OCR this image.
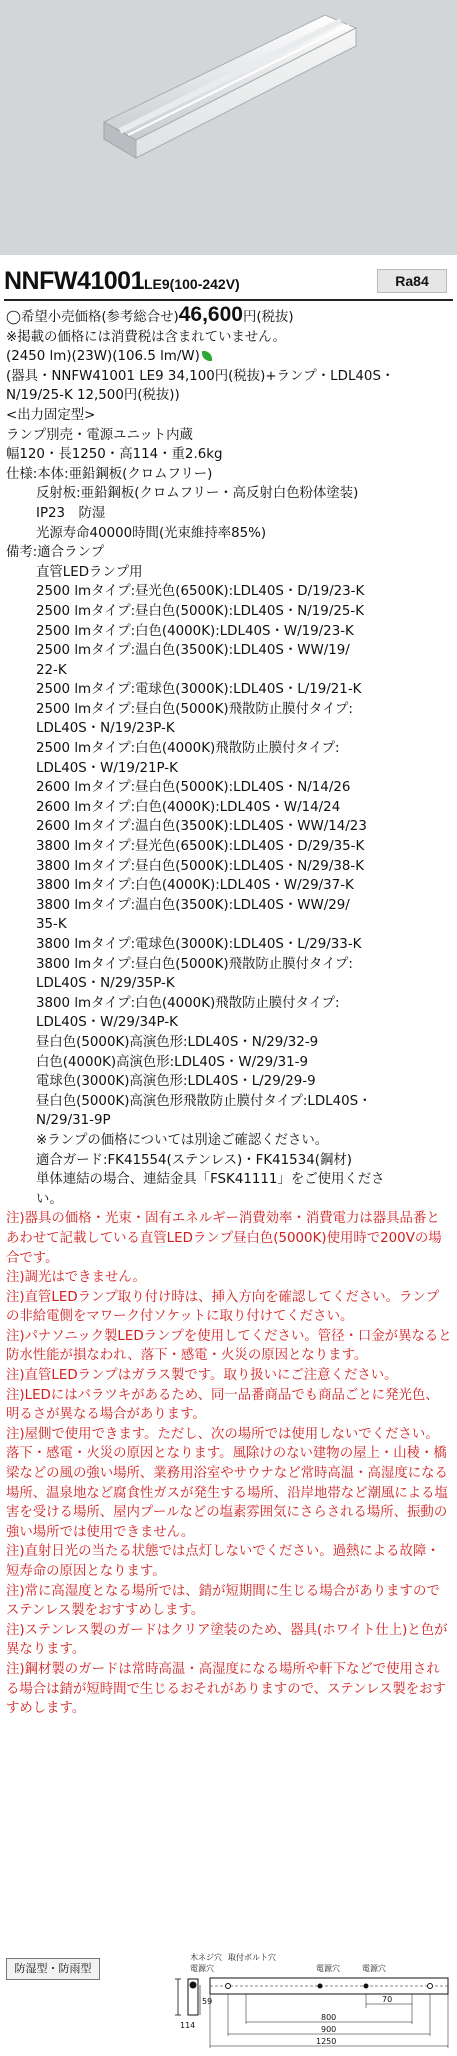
NNFW41001LE9(100-242V)	Ra84
◯希望小売価格(参考総合せ)46,600円(税抜)
※掲載の価格には消費税は含まれていません。
(2450 lm)(23W)(106.5 lm/W)
(器具・NNFW41001 LE9 34,100円(税抜)+ランプ・LDL40S・
N/19/25-K 12,500円(税抜))
<出力固定型>
ランプ別売・電源ユニット内蔵
幅120・長1250・高114・重2.6kg
仕様:本体:亜鉛鋼板(クロムフリー)
反射板:亜鉛鋼板(クロムフリー・高反射白色粉体塗装)
IP23　防湿
光源寿命40000時間(光束維持率85%)
備考:適合ランプ
直管LEDランプ用
2500 lmタイプ:昼光色(6500K):LDL40S・D/19/23-K
2500 lmタイプ:昼白色(5000K):LDL40S・N/19/25-K
2500 lmタイプ:白色(4000K):LDL40S・W/19/23-K
2500 lmタイプ:温白色(3500K):LDL40S・WW/19/
22-K
2500 lmタイプ:電球色(3000K):LDL40S・L/19/21-K
2500 lmタイプ:昼白色(5000K)飛散防止膜付タイプ:
LDL40S・N/19/23P-K
2500 lmタイプ:白色(4000K)飛散防止膜付タイプ:
LDL40S・W/19/21P-K
2600 lmタイプ:昼白色(5000K):LDL40S・N/14/26
2600 lmタイプ:白色(4000K):LDL40S・W/14/24
2600 lmタイプ:温白色(3500K):LDL40S・WW/14/23
3800 lmタイプ:昼光色(6500K):LDL40S・D/29/35-K
3800 lmタイプ:昼白色(5000K):LDL40S・N/29/38-K
3800 lmタイプ:白色(4000K):LDL40S・W/29/37-K
3800 lmタイプ:温白色(3500K):LDL40S・WW/29/
35-K
3800 lmタイプ:電球色(3000K):LDL40S・L/29/33-K
3800 lmタイプ:昼白色(5000K)飛散防止膜付タイプ:
LDL40S・N/29/35P-K
3800 lmタイプ:白色(4000K)飛散防止膜付タイプ:
LDL40S・W/29/34P-K
昼白色(5000K)高演色形:LDL40S・N/29/32-9
白色(4000K)高演色形:LDL40S・W/29/31-9
電球色(3000K)高演色形:LDL40S・L/29/29-9
昼白色(5000K)高演色形飛散防止膜付タイプ:LDL40S・
N/29/31-9P
※ランプの価格については別途ご確認ください。
適合ガード:FK41554(ステンレス)・FK41534(鋼材)
単体連結の場合、連結金具「FSK41111」をご使用くださ
い。
注)器具の価格・光束・固有エネルギー消費効率・消費電力は器具品番とあわせて記載している直管LEDランプ昼白色(5000K)使用時で200Vの場合です。
注)調光はできません。
注)直管LEDランプ取り付け時は、挿入方向を確認してください。ランプの非給電側をマワーク付ソケットに取り付けてください。
注)パナソニック製LEDランプを使用してください。管径・口金が異なると防水性能が損なわれ、落下・感電・火災の原因となります。
注)直管LEDランプはガラス製です。取り扱いにご注意ください。
注)LEDにはバラツキがあるため、同一品番商品でも商品ごとに発光色、明るさが異なる場合があります。
注)屋側で使用できます。ただし、次の場所では使用しないでください。落下・感電・火災の原因となります。風除けのない建物の屋上・山稜・橋梁などの風の強い場所、業務用浴室やサウナなど常時高温・高湿度になる場所、温泉地など腐食性ガスが発生する場所、沿岸地帯など潮風による塩害を受ける場所、屋内プールなどの塩素雰囲気にさらされる場所、振動の強い場所では使用できません。
注)直射日光の当たる状態では点灯しないでください。過熱による故障・短寿命の原因となります。
注)常に高湿度となる場所では、錆が短期間に生じる場合がありますのでステンレス製をおすすめします。
注)ステンレス製のガードはクリア塗装のため、器具(ホワイト仕上)と色が異なります。
注)鋼材製のガードは常時高温・高湿度になる場所や軒下などで使用される場合は錆が短時間で生じるおそれがありますので、ステンレス製をおすすめします。
防湿型・防雨型
木ネジ穴 取付ボルト穴
電源穴	電源穴	電源穴
59
114
70
800
900
1250
